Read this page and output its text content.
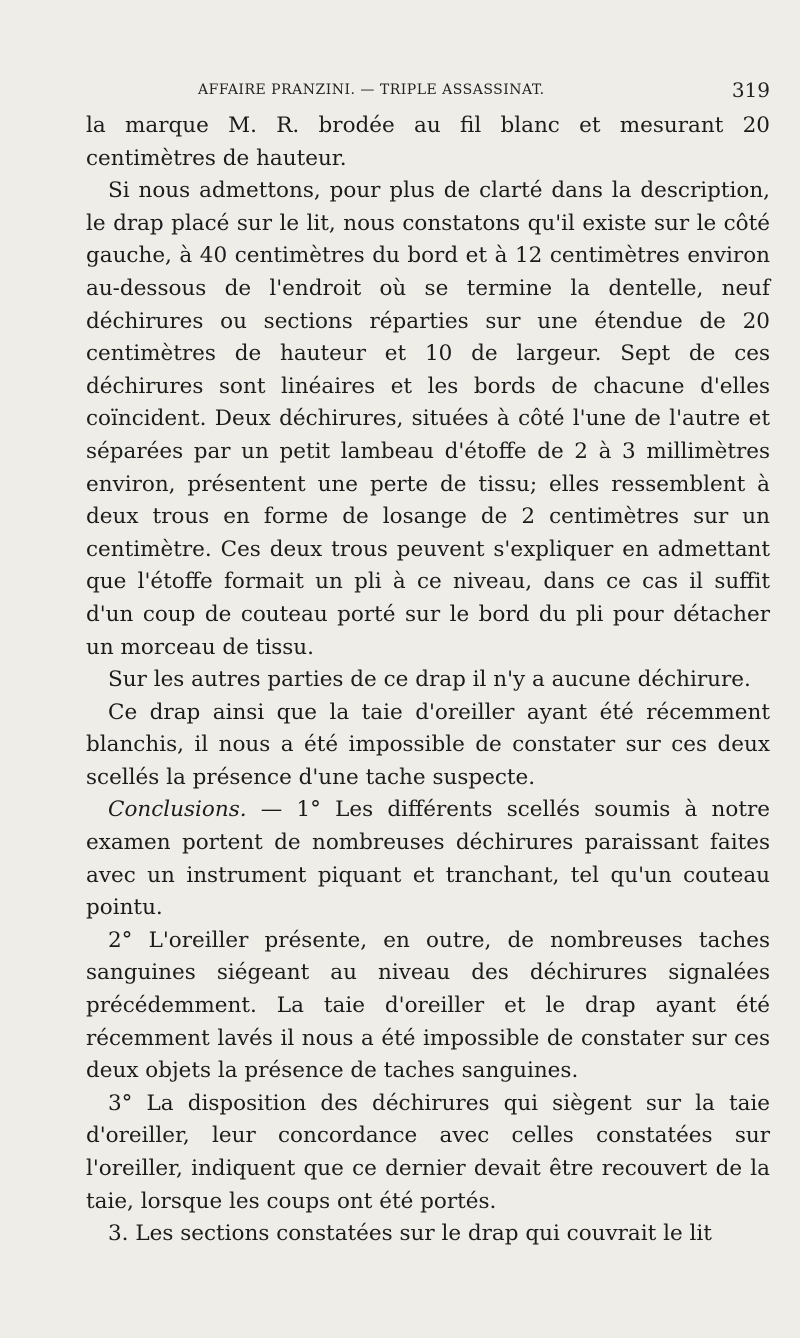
AFFAIRE PRANZINI. — TRIPLE ASSASSINAT.	319

la marque M. R. brodée au fil blanc et mesurant 20 centimètres de hauteur.

Si nous admettons, pour plus de clarté dans la description, le drap placé sur le lit, nous constatons qu'il existe sur le côté gauche, à 40 centimètres du bord et à 12 centimètres environ au-dessous de l'endroit où se termine la dentelle, neuf déchirures ou sections réparties sur une étendue de 20 centimètres de hauteur et 10 de largeur. Sept de ces déchirures sont linéaires et les bords de chacune d'elles coïncident. Deux déchirures, situées à côté l'une de l'autre et séparées par un petit lambeau d'étoffe de 2 à 3 millimètres environ, présentent une perte de tissu; elles ressemblent à deux trous en forme de losange de 2 centimètres sur un centimètre. Ces deux trous peuvent s'expliquer en admettant que l'étoffe formait un pli à ce niveau, dans ce cas il suffit d'un coup de couteau porté sur le bord du pli pour détacher un morceau de tissu.

Sur les autres parties de ce drap il n'y a aucune déchirure.

Ce drap ainsi que la taie d'oreiller ayant été récemment blanchis, il nous a été impossible de constater sur ces deux scellés la présence d'une tache suspecte.

Conclusions. — 1° Les différents scellés soumis à notre examen portent de nombreuses déchirures paraissant faites avec un instrument piquant et tranchant, tel qu'un couteau pointu.

2° L'oreiller présente, en outre, de nombreuses taches sanguines siégeant au niveau des déchirures signalées précédemment. La taie d'oreiller et le drap ayant été récemment lavés il nous a été impossible de constater sur ces deux objets la présence de taches sanguines.

3° La disposition des déchirures qui siègent sur la taie d'oreiller, leur concordance avec celles constatées sur l'oreiller, indiquent que ce dernier devait être recouvert de la taie, lorsque les coups ont été portés.

3. Les sections constatées sur le drap qui couvrait le lit
